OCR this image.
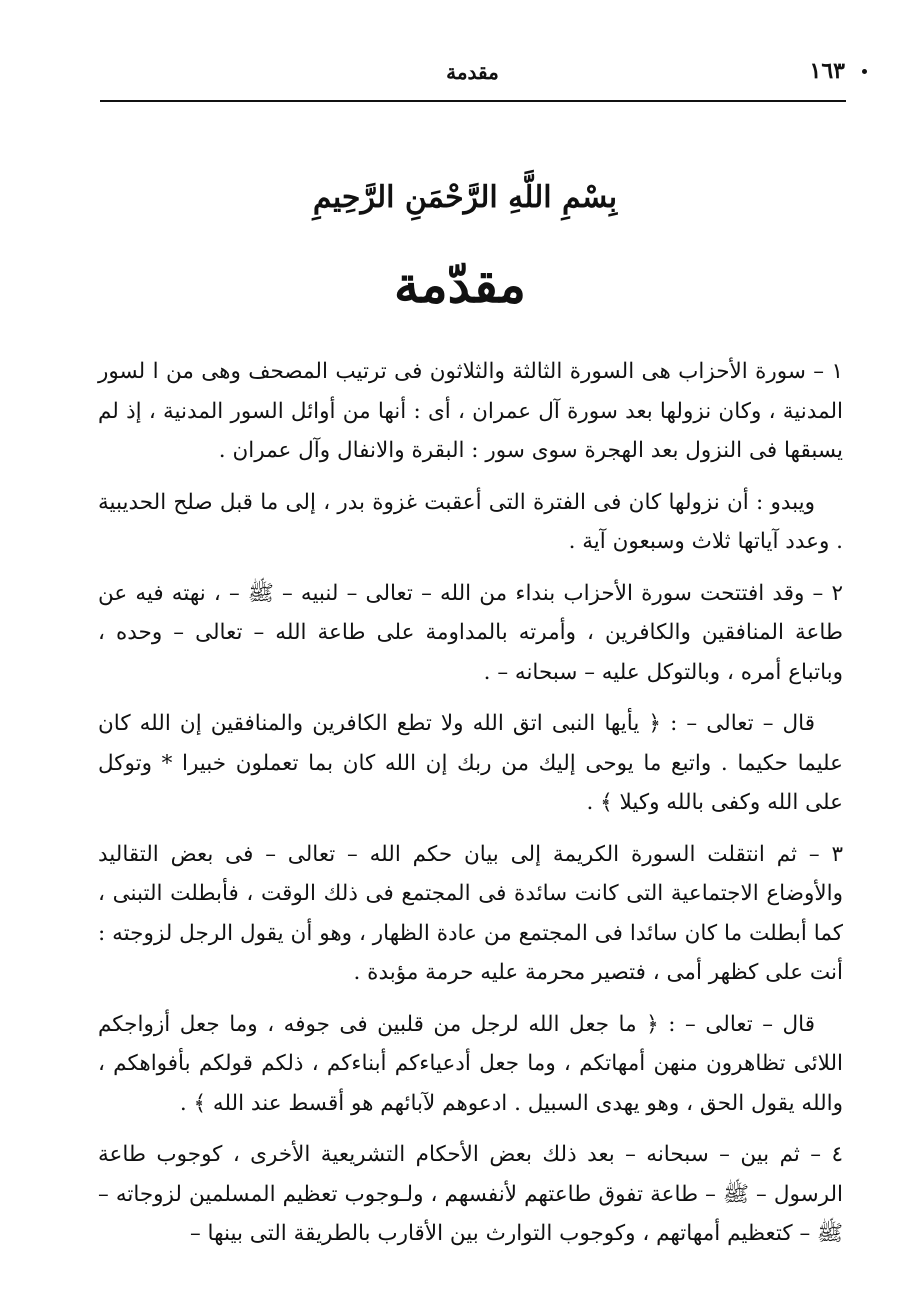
١٦٣
مقدمة
بِسْمِ اللَّهِ الرَّحْمَنِ الرَّحِيمِ
مقدّمة

١ – سورة الأحزاب هى السورة الثالثة والثلاثون فى ترتيب المصحف وهى من ا لسور المدنية ، وكان نزولها بعد سورة آل عمران ، أى : أنها من أوائل السور المدنية ، إذ لم يسبقها فى النزول بعد الهجرة سوى سور : البقرة والانفال وآل عمران .

ويبدو : أن نزولها كان فى الفترة التى أعقبت غزوة بدر ، إلى ما قبل صلح الحديبية . وعدد آياتها ثلاث وسبعون آية .

٢ – وقد افتتحت سورة الأحزاب بنداء من الله – تعالى – لنبيه – ﷺ – ، نهته فيه عن طاعة المنافقين والكافرين ، وأمرته بالمداومة على طاعة الله – تعالى – وحده ، وباتباع أمره ، وبالتوكل عليه – سبحانه – .

قال – تعالى – : ﴿ يأيها النبى اتق الله ولا تطع الكافرين والمنافقين إن الله كان عليما حكيما . واتبع ما يوحى إليك من ربك إن الله كان بما تعملون خبيرا * وتوكل على الله وكفى بالله وكيلا ﴾ .

٣ – ثم انتقلت السورة الكريمة إلى بيان حكم الله – تعالى – فى بعض التقاليد والأوضاع الاجتماعية التى كانت سائدة فى المجتمع فى ذلك الوقت ، فأبطلت التبنى ، كما أبطلت ما كان سائدا فى المجتمع من عادة الظهار ، وهو أن يقول الرجل لزوجته : أنت على كظهر أمى ، فتصير محرمة عليه حرمة مؤبدة .

قال – تعالى – : ﴿ ما جعل الله لرجل من قلبين فى جوفه ، وما جعل أزواجكم اللائى تظاهرون منهن أمهاتكم ، وما جعل أدعياءكم أبناءكم ، ذلكم قولكم بأفواهكم ، والله يقول الحق ، وهو يهدى السبيل . ادعوهم لآبائهم هو أقسط عند الله ﴾ .

٤ – ثم بين – سبحانه – بعد ذلك بعض الأحكام التشريعية الأخرى ، كوجوب طاعة الرسول – ﷺ – طاعة تفوق طاعتهم لأنفسهم ، ولـوجوب تعظيم المسلمين لزوجاته – ﷺ – كتعظيم أمهاتهم ، وكوجوب التوارث بين الأقارب بالطريقة التى بينها –
